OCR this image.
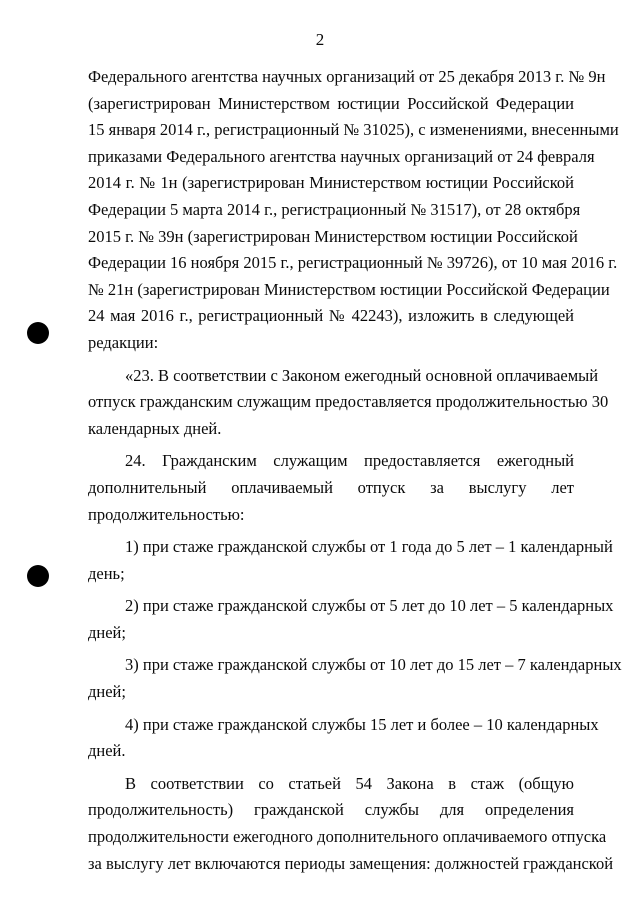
2

Федерального агентства научных организаций от 25 декабря 2013 г. № 9н
(зарегистрирован Министерством юстиции Российской Федерации
15 января 2014 г., регистрационный № 31025), с изменениями, внесенными
приказами Федерального агентства научных организаций от 24 февраля
2014 г. № 1н (зарегистрирован Министерством юстиции Российской
Федерации 5 марта 2014 г., регистрационный № 31517), от 28 октября
2015 г. № 39н (зарегистрирован Министерством юстиции Российской
Федерации 16 ноября 2015 г., регистрационный № 39726), от 10 мая 2016 г.
№ 21н (зарегистрирован Министерством юстиции Российской Федерации
24 мая 2016 г., регистрационный № 42243), изложить в следующей
редакции:

«23. В соответствии с Законом ежегодный основной оплачиваемый
отпуск гражданским служащим предоставляется продолжительностью 30
календарных дней.

24. Гражданским служащим предоставляется ежегодный
дополнительный оплачиваемый отпуск за выслугу лет
продолжительностью:

1) при стаже гражданской службы от 1 года до 5 лет – 1 календарный
день;

2) при стаже гражданской службы от 5 лет до 10 лет – 5 календарных
дней;

3) при стаже гражданской службы от 10 лет до 15 лет – 7 календарных
дней;

4) при стаже гражданской службы 15 лет и более – 10 календарных
дней.

В соответствии со статьей 54 Закона в стаж (общую
продолжительность) гражданской службы для определения
продолжительности ежегодного дополнительного оплачиваемого отпуска
за выслугу лет включаются периоды замещения: должностей гражданской
